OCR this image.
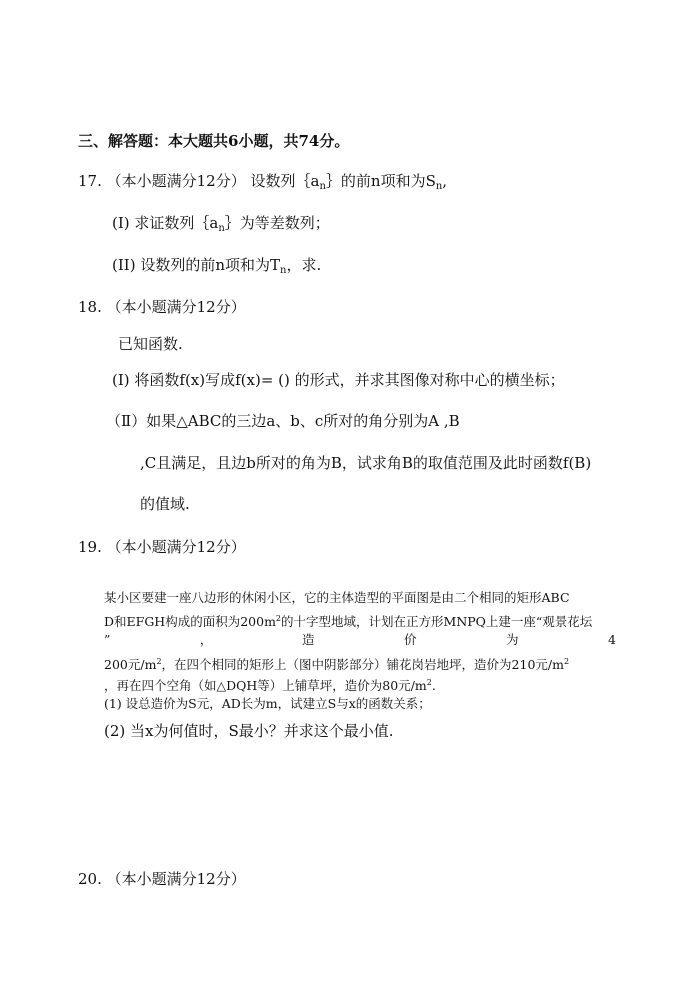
三、解答题：本大题共6小题，共74分。
17. （本小题满分12分） 设数列$\{a_n\}$的前n项和为$S_n$,
(I) 求证数列$\{a_n\}$为等差数列；
(II) 设数列的前n项和为$T_n$，求.
18. （本小题满分12分）
已知函数.
(I) 将函数f(x)写成f(x)= () 的形式，并求其图像对称中心的横坐标；
（Ⅱ）如果△ABC的三边a、b、c所对的角分别为A ,B
,C且满足，且边b所对的角为B，试求角B的取值范围及此时函数f(B)
的值域.
19. （本小题满分12分）
某小区要建一座八边形的休闲小区，它的主体造型的平面图是由二个相同的矩形ABC
D和EFGH构成的面积为$200m^2$的十字型地域，计划在正方形MNPQ上建一座“观景花坛
”	，	造	价	为	4
200元$/m^2$，在四个相同的矩形上（图中阴影部分）铺花岗岩地坪，造价为210元$/m^2$
，再在四个空角（如△DQH等）上铺草坪，造价为80元$/m^2$.
(1) 设总造价为S元，AD长为m，试建立S与x的函数关系；
(2) 当x为何值时，S最小？并求这个最小值.
20. （本小题满分12分）
